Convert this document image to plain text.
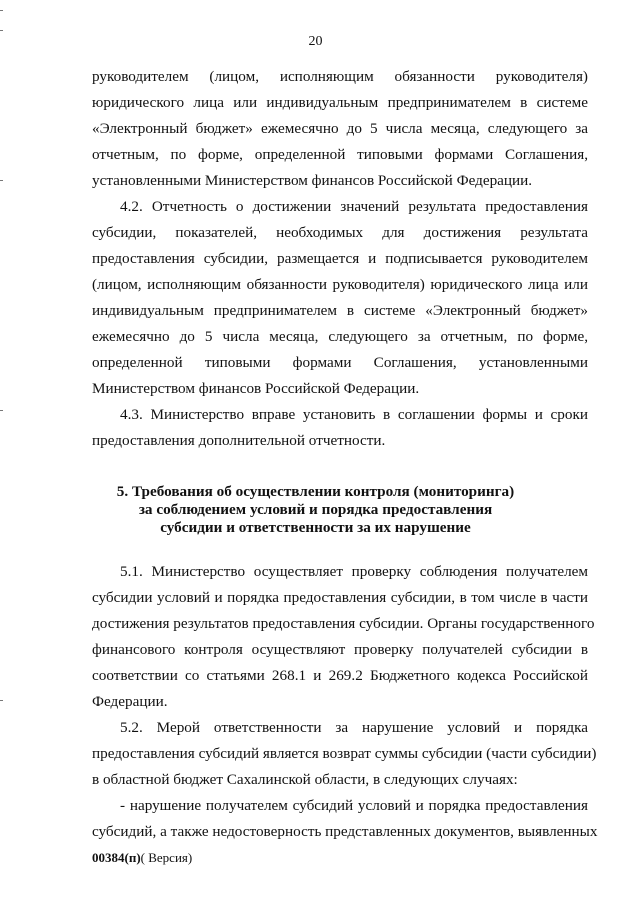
20
руководителем (лицом, исполняющим обязанности руководителя)
юридического лица или индивидуальным предпринимателем в системе
«Электронный бюджет» ежемесячно до 5 числа месяца, следующего за
отчетным, по форме, определенной типовыми формами Соглашения,
установленными Министерством финансов Российской Федерации.
4.2. Отчетность о достижении значений результата предоставления
субсидии, показателей, необходимых для достижения результата
предоставления субсидии, размещается и подписывается руководителем
(лицом, исполняющим обязанности руководителя) юридического лица или
индивидуальным предпринимателем в системе «Электронный бюджет»
ежемесячно до 5 числа месяца, следующего за отчетным, по форме,
определенной типовыми формами Соглашения, установленными
Министерством финансов Российской Федерации.
4.3. Министерство вправе установить в соглашении формы и сроки
предоставления дополнительной отчетности.
5. Требования об осуществлении контроля (мониторинга)
за соблюдением условий и порядка предоставления
субсидии и ответственности за их нарушение
5.1. Министерство осуществляет проверку соблюдения получателем
субсидии условий и порядка предоставления субсидии, в том числе в части
достижения результатов предоставления субсидии. Органы государственного
финансового контроля осуществляют проверку получателей субсидии в
соответствии со статьями 268.1 и 269.2 Бюджетного кодекса Российской
Федерации.
5.2. Мерой ответственности за нарушение условий и порядка
предоставления субсидий является возврат суммы субсидии (части субсидии)
в областной бюджет Сахалинской области, в следующих случаях:
- нарушение получателем субсидий условий и порядка предоставления
субсидий, а также недостоверность представленных документов, выявленных
00384(п)( Версия)
